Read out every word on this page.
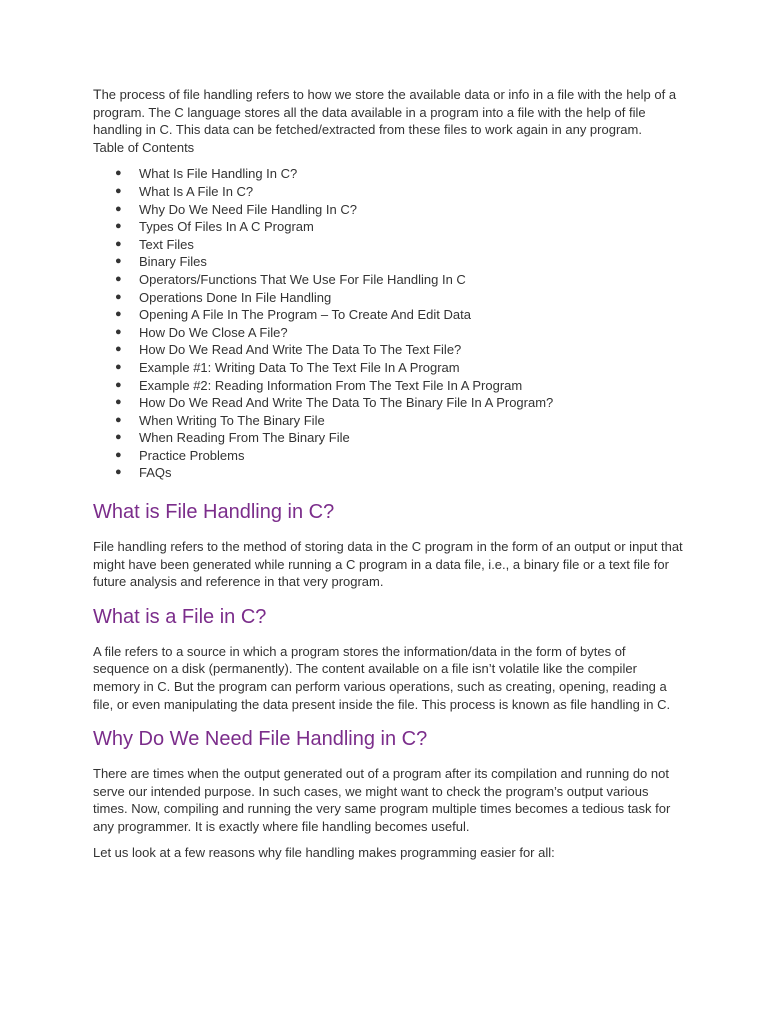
The process of file handling refers to how we store the available data or info in a file with the help of a program. The C language stores all the data available in a program into a file with the help of file handling in C. This data can be fetched/extracted from these files to work again in any program.

Table of Contents

● What Is File Handling In C?
● What Is A File In C?
● Why Do We Need File Handling In C?
● Types Of Files In A C Program
● Text Files
● Binary Files
● Operators/Functions That We Use For File Handling In C
● Operations Done In File Handling
● Opening A File In The Program – To Create And Edit Data
● How Do We Close A File?
● How Do We Read And Write The Data To The Text File?
● Example #1: Writing Data To The Text File In A Program
● Example #2: Reading Information From The Text File In A Program
● How Do We Read And Write The Data To The Binary File In A Program?
● When Writing To The Binary File
● When Reading From The Binary File
● Practice Problems
● FAQs
What is File Handling in C?

File handling refers to the method of storing data in the C program in the form of an output or input that might have been generated while running a C program in a data file, i.e., a binary file or a text file for future analysis and reference in that very program.

What is a File in C?

A file refers to a source in which a program stores the information/data in the form of bytes of sequence on a disk (permanently). The content available on a file isn’t volatile like the compiler memory in C. But the program can perform various operations, such as creating, opening, reading a file, or even manipulating the data present inside the file. This process is known as file handling in C.

Why Do We Need File Handling in C?

There are times when the output generated out of a program after its compilation and running do not serve our intended purpose. In such cases, we might want to check the program’s output various times. Now, compiling and running the very same program multiple times becomes a tedious task for any programmer. It is exactly where file handling becomes useful.

Let us look at a few reasons why file handling makes programming easier for all:
